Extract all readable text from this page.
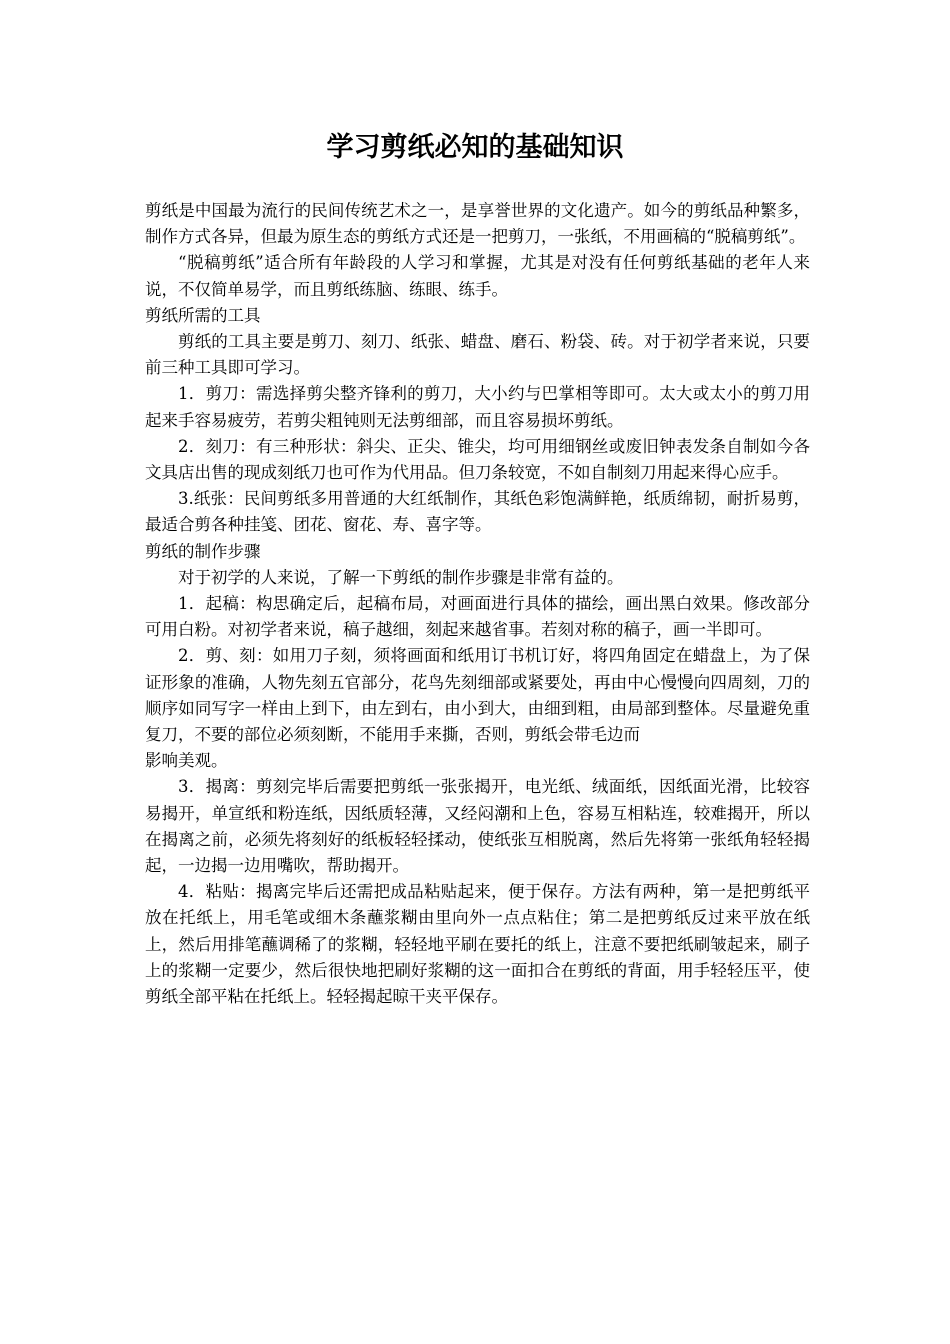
学习剪纸必知的基础知识

剪纸是中国最为流行的民间传统艺术之一，是享誉世界的文化遗产。如今的剪纸品种繁多，制作方式各异，但最为原生态的剪纸方式还是一把剪刀，一张纸，不用画稿的“脱稿剪纸”。

“脱稿剪纸”适合所有年龄段的人学习和掌握，尤其是对没有任何剪纸基础的老年人来说，不仅简单易学，而且剪纸练脑、练眼、练手。

剪纸所需的工具

剪纸的工具主要是剪刀、刻刀、纸张、蜡盘、磨石、粉袋、砖。对于初学者来说，只要前三种工具即可学习。

1．剪刀：需选择剪尖整齐锋利的剪刀，大小约与巴掌相等即可。太大或太小的剪刀用起来手容易疲劳，若剪尖粗钝则无法剪细部，而且容易损坏剪纸。

2．刻刀：有三种形状：斜尖、正尖、锥尖，均可用细钢丝或废旧钟表发条自制如今各文具店出售的现成刻纸刀也可作为代用品。但刀条较宽，不如自制刻刀用起来得心应手。

3.纸张：民间剪纸多用普通的大红纸制作，其纸色彩饱满鲜艳，纸质绵韧，耐折易剪，最适合剪各种挂笺、团花、窗花、寿、喜字等。

剪纸的制作步骤

对于初学的人来说，了解一下剪纸的制作步骤是非常有益的。

1．起稿：构思确定后，起稿布局，对画面进行具体的描绘，画出黑白效果。修改部分可用白粉。对初学者来说，稿子越细，刻起来越省事。若刻对称的稿子，画一半即可。

2．剪、刻：如用刀子刻，须将画面和纸用订书机订好，将四角固定在蜡盘上，为了保证形象的准确，人物先刻五官部分，花鸟先刻细部或紧要处，再由中心慢慢向四周刻，刀的顺序如同写字一样由上到下，由左到右，由小到大，由细到粗，由局部到整体。尽量避免重复刀，不要的部位必须刻断，不能用手来撕，否则，剪纸会带毛边而

影响美观。

3．揭离：剪刻完毕后需要把剪纸一张张揭开，电光纸、绒面纸，因纸面光滑，比较容易揭开，单宣纸和粉连纸，因纸质轻薄，又经闷潮和上色，容易互相粘连，较难揭开，所以在揭离之前，必须先将刻好的纸板轻轻揉动，使纸张互相脱离，然后先将第一张纸角轻轻揭起，一边揭一边用嘴吹，帮助揭开。

4．粘贴：揭离完毕后还需把成品粘贴起来，便于保存。方法有两种，第一是把剪纸平放在托纸上，用毛笔或细木条蘸浆糊由里向外一点点粘住；第二是把剪纸反过来平放在纸上，然后用排笔蘸调稀了的浆糊，轻轻地平刷在要托的纸上，注意不要把纸刷皱起来，刷子上的浆糊一定要少，然后很快地把刷好浆糊的这一面扣合在剪纸的背面，用手轻轻压平，使剪纸全部平粘在托纸上。轻轻揭起晾干夹平保存。
